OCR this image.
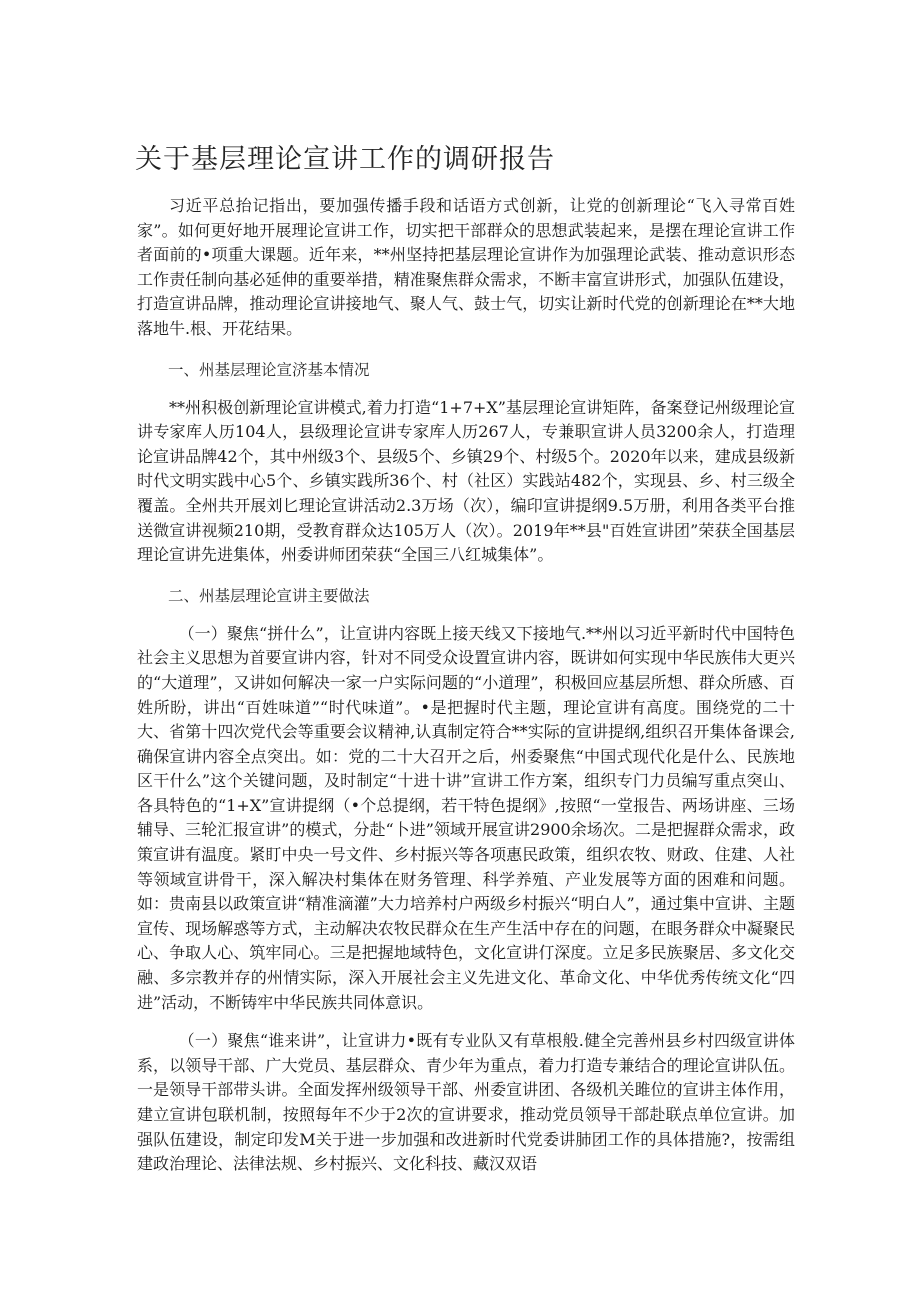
关于基层理论宣讲工作的调研报告

习近平总抬记指出，要加强传播手段和话语方式创新，让党的创新理论“飞入寻常百姓家”。如何更好地开展理论宣讲工作，切实把干部群众的思想武装起来，是摆在理论宣讲工作者面前的•项重大课题。近年来，**州坚持把基层理论宣讲作为加强理论武装、推动意识形态工作责任制向基必延伸的重要举措，精准聚焦群众需求，不断丰富宣讲形式，加强队伍建设，打造宣讲品牌，推动理论宣讲接地气、聚人气、鼓士气，切实让新时代党的创新理论在**大地落地牛.根、开花结果。

一、州基层理论宣济基本情况

**州积极创新理论宣讲模式,着力打造“1+7+X”基层理论宣讲矩阵，备案登记州级理论宣讲专家库人历104人，县级理论宣讲专家库人历267人，专兼职宣讲人员3200余人，打造理论宣讲品牌42个，其中州级3个、县级5个、乡镇29个、村级5个。2020年以来，建成县级新时代文明实践中心5个、乡镇实践所36个、村（社区）实践站482个，实现县、乡、村三级全覆盖。全州共开展刘匕理论宣讲活动2.3万场（次），编印宣讲提纲9.5万册，利用各类平台推送微宣讲视频210期，受教育群众达105万人（次）。2019年**县"百姓宣讲团”荣获全国基层理论宣讲先进集体，州委讲师团荣获“全国三八红城集体”。

二、州基层理论宣讲主要做法

（一）聚焦“拼什么”，让宣讲内容既上接天线又下接地气.**州以习近平新时代中国特色社会主义思想为首要宣讲内容，针对不同受众设置宣讲内容，既讲如何实现中华民族伟大更兴的“大道理”，又讲如何解决一家一户实际问题的“小道理”，积极回应基层所想、群众所感、百姓所盼，讲出“百姓味道”“时代味道”。•是把握时代主题，理论宣讲有高度。围绕党的二十大、省第十四次党代会等重要会议精神,认真制定符合**实际的宣讲提纲,组织召开集体备课会,确保宣讲内容全点突出。如：党的二十大召开之后，州委聚焦“中国式现代化是什么、民族地区干什么”这个关键问题，及时制定“十进十讲”宣讲工作方案，组织专门力员编写重点突山、各具特色的“1+X”宣讲提纲（•个总提纲，若干特色提纲》,按照“一堂报告、两场讲座、三场辅导、三轮汇报宣讲”的模式，分赴“卜进”领域开展宣讲2900余场次。二是把握群众需求，政策宣讲有温度。紧盯中央一号文件、乡村振兴等各项惠民政策，组织农牧、财政、住建、人社等领域宣讲骨干，深入解决村集体在财务管理、科学养殖、产业发展等方面的困难和问题。如：贵南县以政策宣讲“精准滴灌”大力培养村户两级乡村振兴“明白人”，通过集中宣讲、主题宣传、现场解惑等方式，主动解决农牧民群众在生产生活中存在的问题，在眼务群众中凝聚民心、争取人心、筑牢同心。三是把握地域特色，文化宣讲仃深度。立足多民族聚居、多文化交融、多宗教并存的州情实际，深入开展社会主义先进文化、革命文化、中华优秀传统文化“四进”活动，不断铸牢中华民族共同体意识。

（一）聚焦“谁来讲”，让宣讲力•既有专业队又有草根般.健全完善州县乡村四级宣讲体系，以领导干部、广大党员、基层群众、青少年为重点，着力打造专兼结合的理论宣讲队伍。一是领导干部带头讲。全面发挥州级领导干部、州委宣讲团、各级机关雎位的宣讲主体作用，建立宣讲包联机制，按照每年不少于2次的宣讲要求，推动党员领导干部赴联点单位宣讲。加强队伍建设，制定印发M关于进一步加强和改进新时代党委讲肺团工作的具体措施?，按需组建政治理论、法律法规、乡村振兴、文化科技、藏汉双语
